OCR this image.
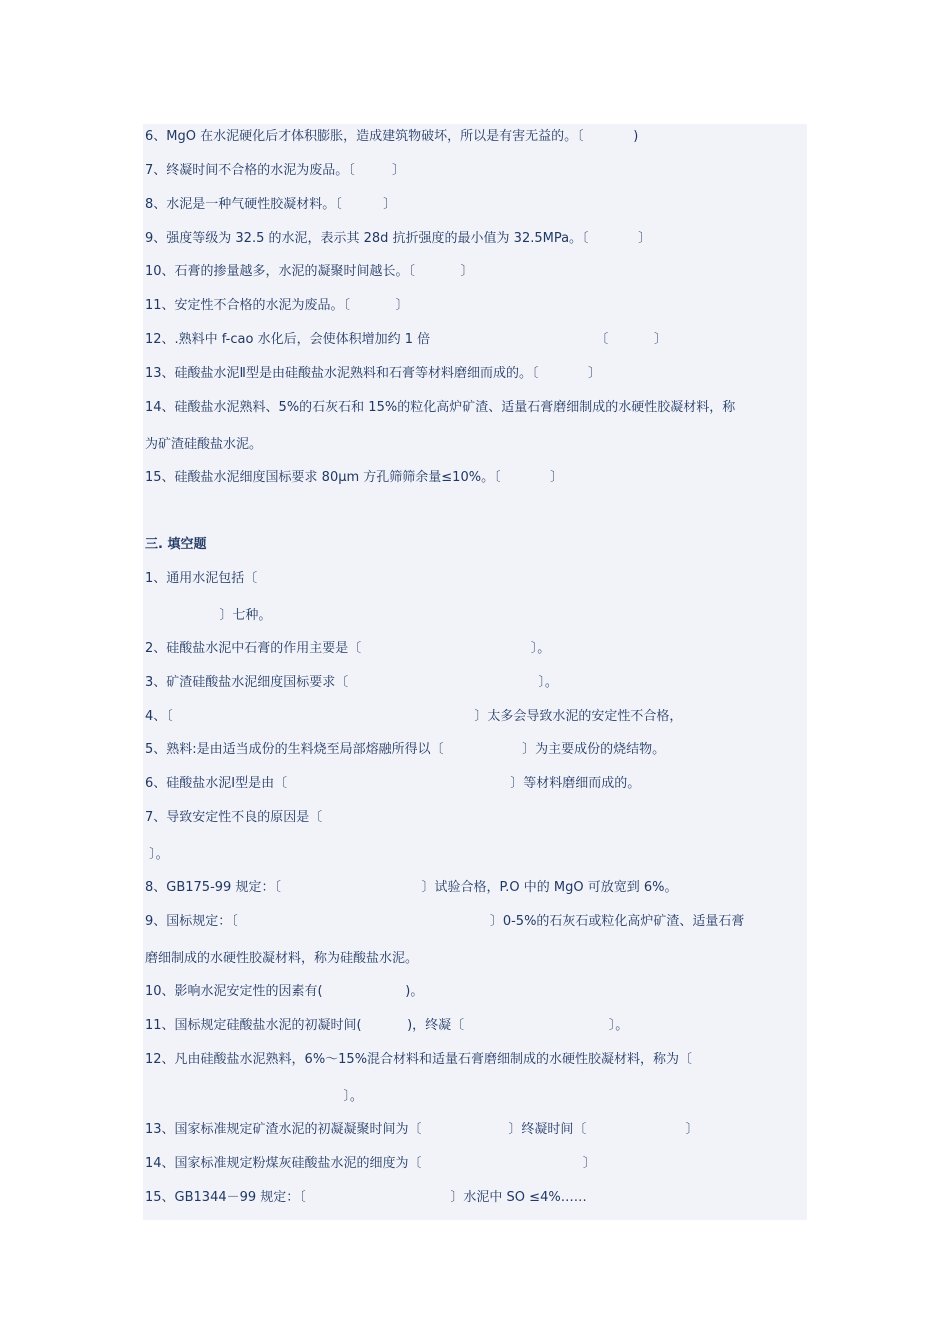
6、MgO 在水泥硬化后才体积膨胀，造成建筑物破坏，所以是有害无益的。〔            )
7、终凝时间不合格的水泥为废品。〔         〕
8、水泥是一种气硬性胶凝材料。〔          〕
9、强度等级为 32.5 的水泥，表示其 28d 抗折强度的最小值为 32.5MPa。〔            〕
10、石膏的掺量越多，水泥的凝聚时间越长。〔           〕
11、安定性不合格的水泥为废品。〔           〕
12、.熟料中 f-cao 水化后，会使体积增加约 1 倍                                        〔           〕
13、硅酸盐水泥Ⅱ型是由硅酸盐水泥熟料和石膏等材料磨细而成的。〔            〕
14、硅酸盐水泥熟料、5%的石灰石和 15%的粒化高炉矿渣、适量石膏磨细制成的水硬性胶凝材料，称
为矿渣硅酸盐水泥。
15、硅酸盐水泥细度国标要求 80μm 方孔筛筛余量≤10%。〔            〕
三. 填空题
1、通用水泥包括〔
〕七种。
2、硅酸盐水泥中石膏的作用主要是〔                                         〕。
3、矿渣硅酸盐水泥细度国标要求〔                                              〕。
4、〔                                                                         〕太多会导致水泥的安定性不合格，
5、熟料:是由适当成份的生料烧至局部熔融所得以〔                   〕为主要成份的烧结物。
6、硅酸盐水泥Ⅰ型是由〔                                                      〕等材料磨细而成的。
7、导致安定性不良的原因是〔
〕。
8、GB175-99 规定：〔                                  〕试验合格，P.O 中的 MgO 可放宽到 6%。
9、国标规定：〔                                                             〕0-5%的石灰石或粒化高炉矿渣、适量石膏
磨细制成的水硬性胶凝材料，称为硅酸盐水泥。
10、影响水泥安定性的因素有(                    )。
11、国标规定硅酸盐水泥的初凝时间(           )，终凝〔                                   〕。
12、凡由硅酸盐水泥熟料，6%～15%混合材料和适量石膏磨细制成的水硬性胶凝材料，称为〔
〕。
13、国家标准规定矿渣水泥的初凝凝聚时间为〔                     〕终凝时间〔                        〕
14、国家标准规定粉煤灰硅酸盐水泥的细度为〔                                       〕
15、GB1344－99 规定：〔                                   〕水泥中 SO ≤4%……
